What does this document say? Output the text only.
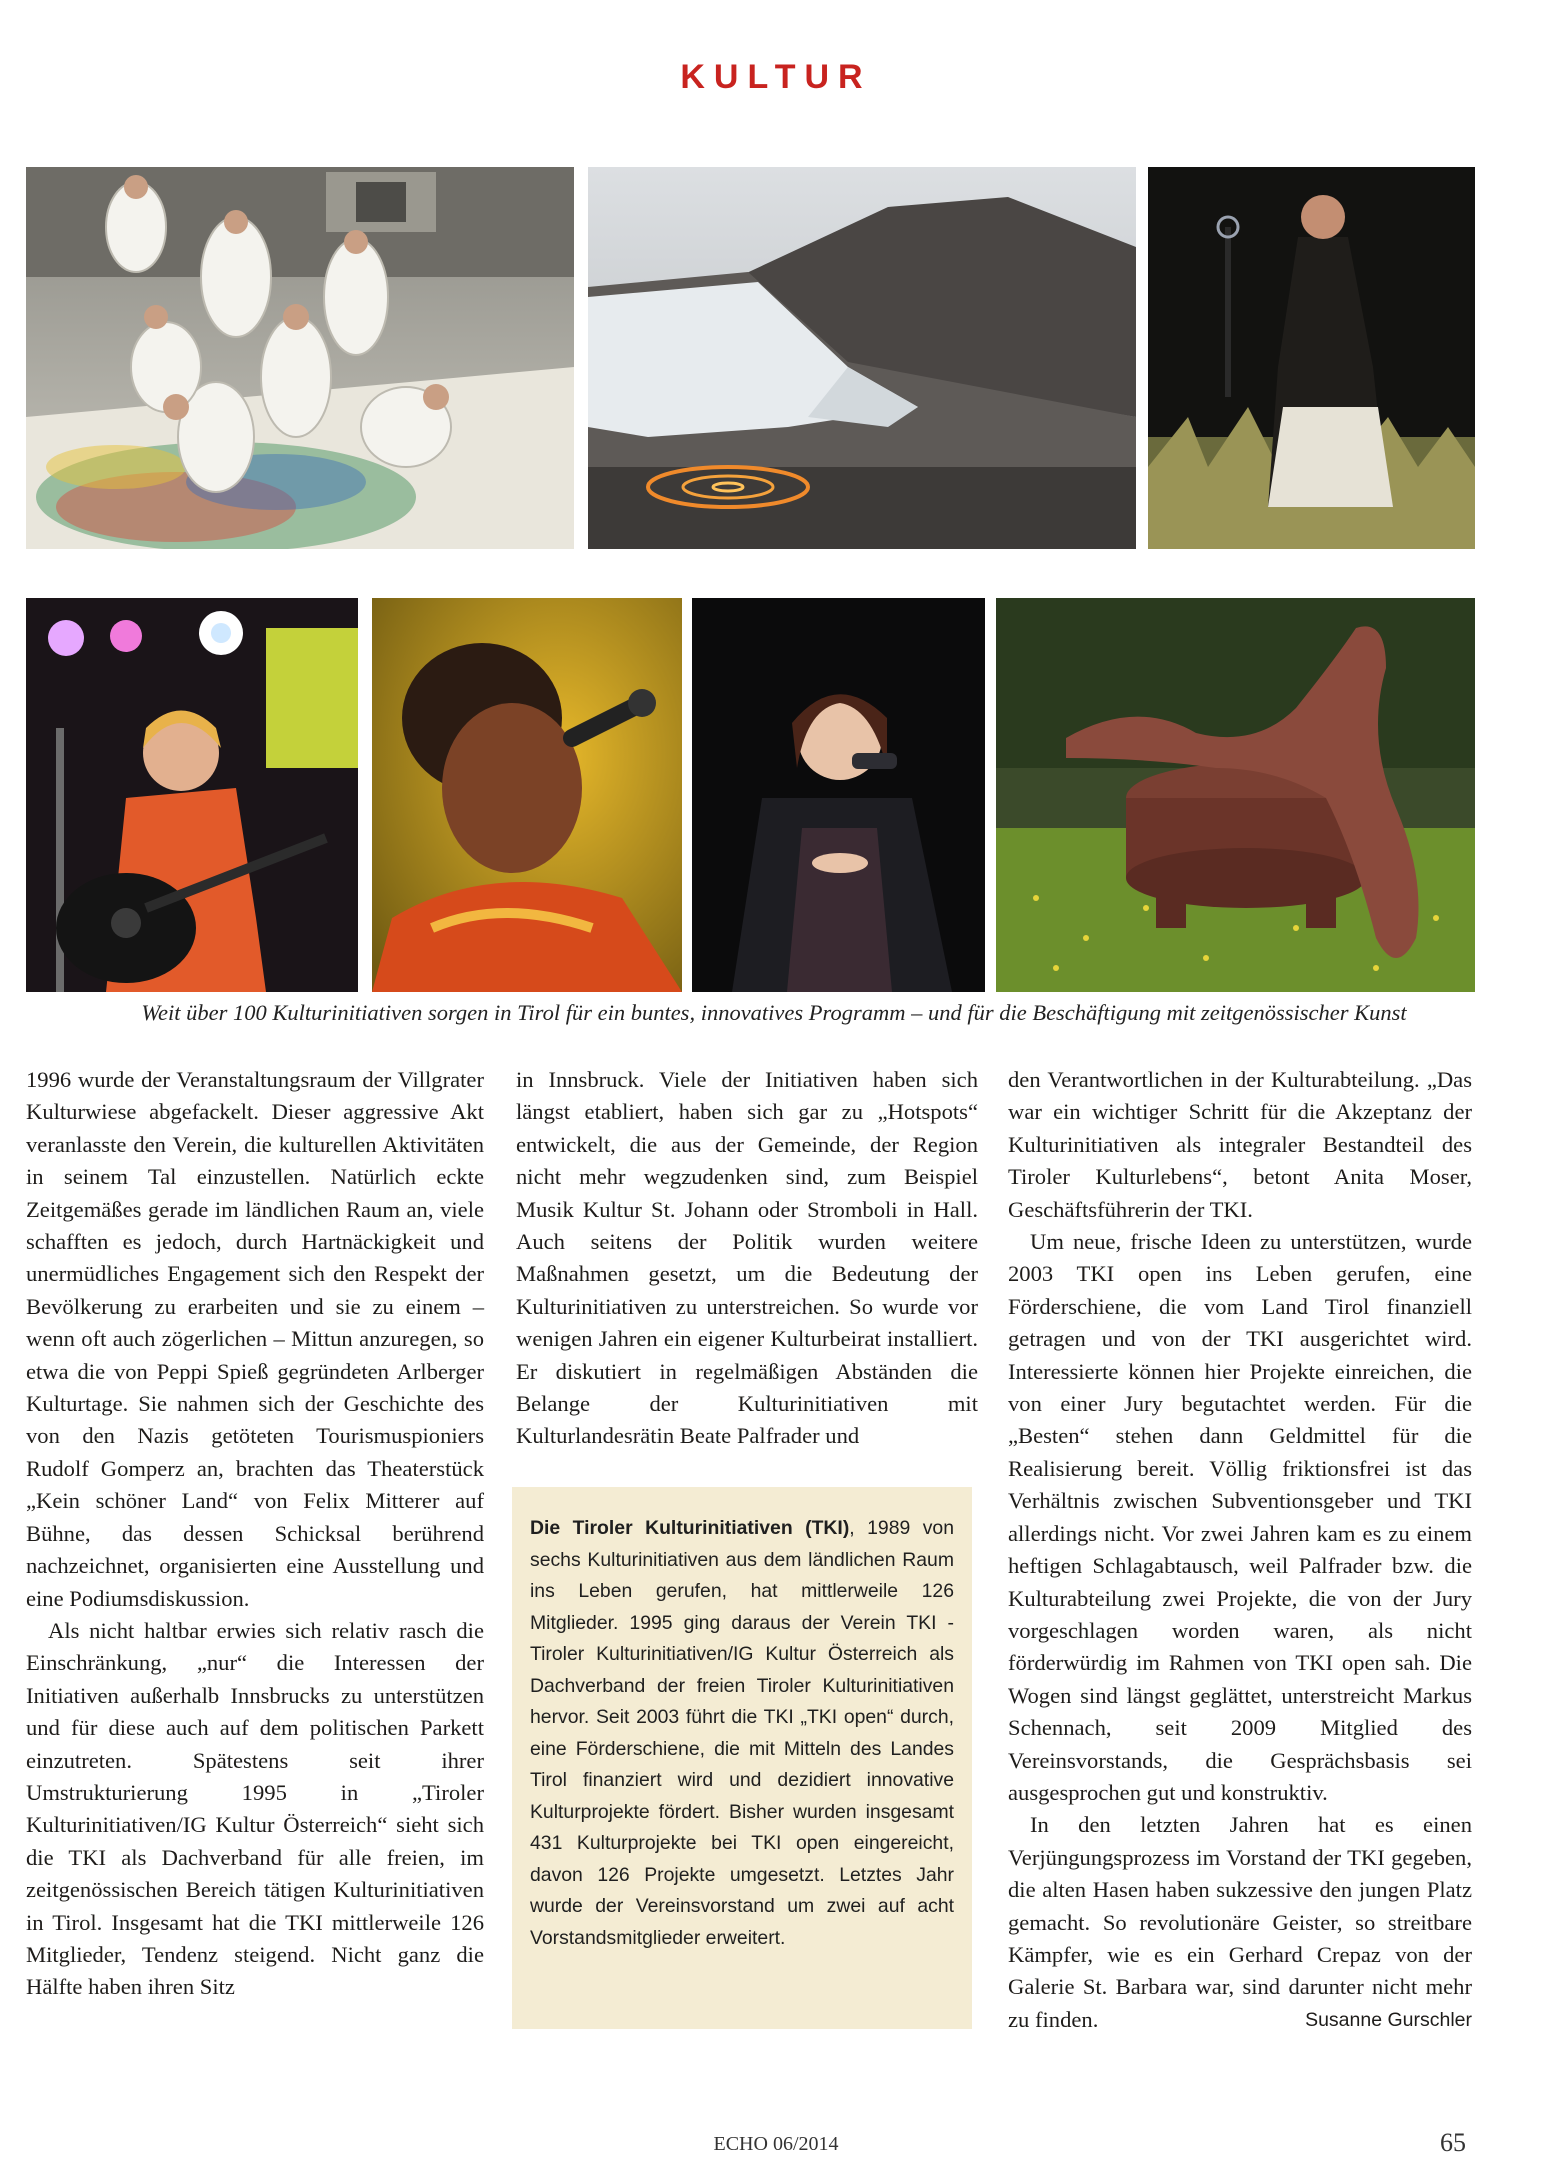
KULTUR
Weit über 100 Kulturinitiativen sorgen in Tirol für ein buntes, innovatives Programm – und für die Beschäftigung mit zeitgenössischer Kunst

1996 wurde der Veranstaltungsraum der Villgrater Kulturwiese abgefackelt. Dieser aggressive Akt veranlasste den Verein, die kulturellen Aktivitäten in seinem Tal einzustellen. Natürlich eckte Zeitgemäßes gerade im ländlichen Raum an, viele schafften es jedoch, durch Hartnäckigkeit und unermüdliches Engagement sich den Respekt der Bevölkerung zu erarbeiten und sie zu einem – wenn oft auch zögerlichen – Mittun anzuregen, so etwa die von Peppi Spieß gegründeten Arlberger Kulturtage. Sie nahmen sich der Geschichte des von den Nazis getöteten Tourismuspioniers Rudolf Gomperz an, brachten das Theaterstück „Kein schöner Land“ von Felix Mitterer auf Bühne, das dessen Schicksal berührend nachzeichnet, organisierten eine Ausstellung und eine Podiumsdiskussion.

Als nicht haltbar erwies sich relativ rasch die Einschränkung, „nur“ die Interessen der Initiativen außerhalb Innsbrucks zu unterstützen und für diese auch auf dem politischen Parkett einzutreten. Spätestens seit ihrer Umstrukturierung 1995 in „Tiroler Kulturinitiativen/IG Kultur Österreich“ sieht sich die TKI als Dachverband für alle freien, im zeitgenössischen Bereich tätigen Kulturinitiativen in Tirol. Insgesamt hat die TKI mittlerweile 126 Mitglieder, Tendenz steigend. Nicht ganz die Hälfte haben ihren Sitz

in Innsbruck. Viele der Initiativen haben sich längst etabliert, haben sich gar zu „Hotspots“ entwickelt, die aus der Gemeinde, der Region nicht mehr wegzudenken sind, zum Beispiel Musik Kultur St. Johann oder Stromboli in Hall. Auch seitens der Politik wurden weitere Maßnahmen gesetzt, um die Bedeutung der Kulturinitiativen zu unterstreichen. So wurde vor wenigen Jahren ein eigener Kulturbeirat installiert. Er diskutiert in regelmäßigen Abständen die Belange der Kulturinitiativen mit Kulturlandesrätin Beate Palfrader und

Die Tiroler Kulturinitiativen (TKI), 1989 von sechs Kulturinitiativen aus dem ländlichen Raum ins Leben gerufen, hat mittlerweile 126 Mitglieder. 1995 ging daraus der Verein TKI - Tiroler Kulturinitiativen/IG Kultur Österreich als Dachverband der freien Tiroler Kulturinitiativen hervor. Seit 2003 führt die TKI „TKI open“ durch, eine Förderschiene, die mit Mitteln des Landes Tirol finanziert wird und dezidiert innovative Kulturprojekte fördert. Bisher wurden insgesamt 431 Kulturprojekte bei TKI open eingereicht, davon 126 Projekte umgesetzt. Letztes Jahr wurde der Vereinsvorstand um zwei auf acht Vorstandsmitglieder erweitert.

den Verantwortlichen in der Kulturabteilung. „Das war ein wichtiger Schritt für die Akzeptanz der Kulturinitiativen als integraler Bestandteil des Tiroler Kulturlebens“, betont Anita Moser, Geschäftsführerin der TKI.

Um neue, frische Ideen zu unterstützen, wurde 2003 TKI open ins Leben gerufen, eine Förderschiene, die vom Land Tirol finanziell getragen und von der TKI ausgerichtet wird. Interessierte können hier Projekte einreichen, die von einer Jury begutachtet werden. Für die „Besten“ stehen dann Geldmittel für die Realisierung bereit. Völlig friktionsfrei ist das Verhältnis zwischen Subventionsgeber und TKI allerdings nicht. Vor zwei Jahren kam es zu einem heftigen Schlagabtausch, weil Palfrader bzw. die Kulturabteilung zwei Projekte, die von der Jury vorgeschlagen worden waren, als nicht förderwürdig im Rahmen von TKI open sah. Die Wogen sind längst geglättet, unterstreicht Markus Schennach, seit 2009 Mitglied des Vereinsvorstands, die Gesprächsbasis sei ausgesprochen gut und konstruktiv.

In den letzten Jahren hat es einen Verjüngungsprozess im Vorstand der TKI gegeben, die alten Hasen haben sukzessive den jungen Platz gemacht. So revolutionäre Geister, so streitbare Kämpfer, wie es ein Gerhard Crepaz von der Galerie St. Barbara war, sind darunter nicht mehr zu finden.	Susanne Gurschler

ECHO 06/2014	65
